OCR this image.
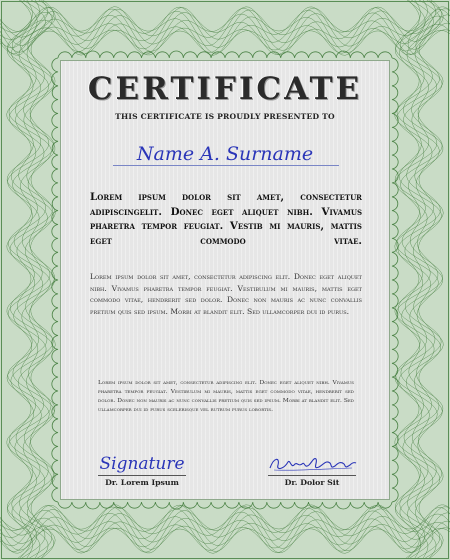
CERTIFICATE
THIS CERTIFICATE IS PROUDLY PRESENTED TO
Name A. Surname

Lorem ipsum dolor sit amet, consectetur adipiscingelit. Donec eget aliquet nibh. Vivamus pharetra tempor feugiat. Vestib mi mauris, mattis eget commodo vitae.

Lorem ipsum dolor sit amet, consectetur adipiscing elit. Donec eget aliquet nibh. Vivamus pharetra tempor feugiat. Vestibulum mi mauris, mattis eget commodo vitae, hendrerit sed dolor. Donec non mauris ac nunc convallis pretium quis sed ipsum. Morbi at blandit elit. Sed ullamcorper dui id purus.

Lorem ipsum dolor sit amet, consectetur adipiscing elit. Donec eget aliquet nibh. Vivamus pharetra tempor feugiat. Vestibulum mi mauris, mattis eget commodo vitae, hendrerit sed dolor. Donec non mauris ac nunc convallis pretium quis sed ipsum. Morbi at blandit elit. Sed ullamcorper dui id purus scelerisque vel rutrum purus lobortis.

Signature
Dr. Lorem Ipsum	Dr. Dolor Sit
